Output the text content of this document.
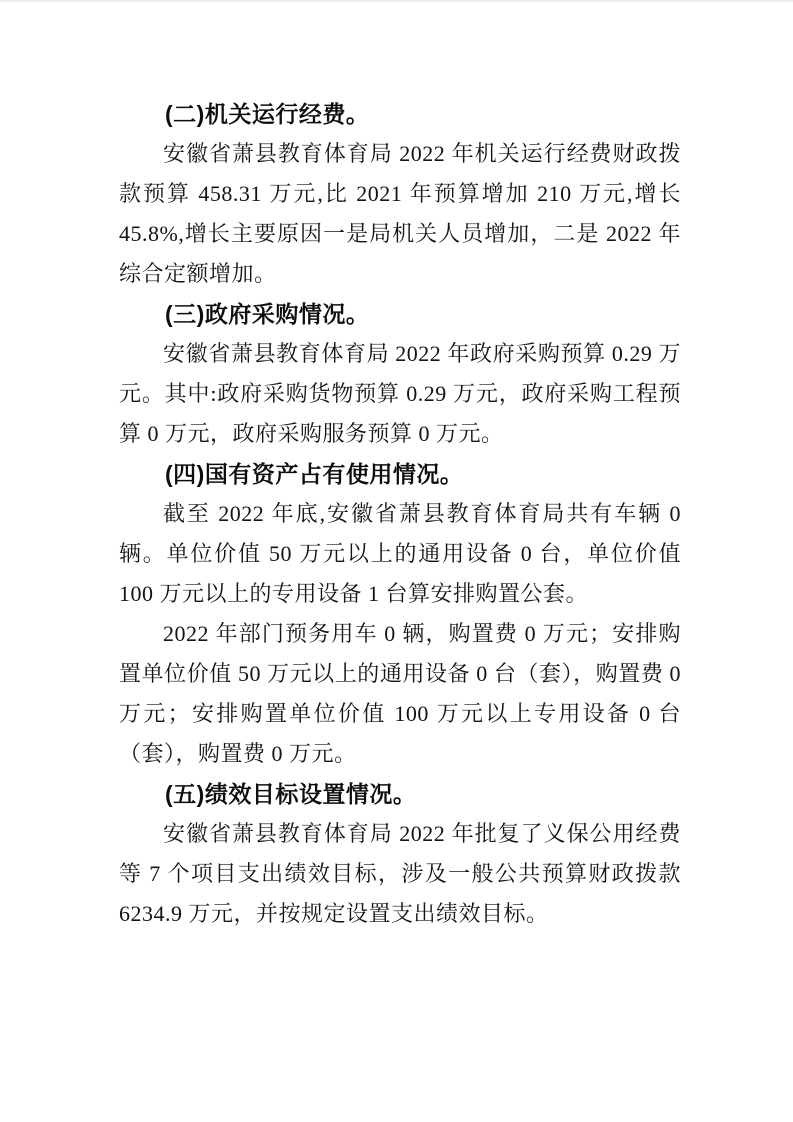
(二)机关运行经费。

安徽省萧县教育体育局 2022 年机关运行经费财政拨款预算 458.31 万元,比 2021 年预算增加 210 万元,增长 45.8%,增长主要原因一是局机关人员增加，二是 2022 年综合定额增加。

(三)政府采购情况。

安徽省萧县教育体育局 2022 年政府采购预算 0.29 万元。其中:政府采购货物预算 0.29 万元，政府采购工程预算 0 万元，政府采购服务预算 0 万元。

(四)国有资产占有使用情况。

截至 2022 年底,安徽省萧县教育体育局共有车辆 0 辆。单位价值 50 万元以上的通用设备 0 台，单位价值 100 万元以上的专用设备 1 台算安排购置公套。

2022 年部门预务用车 0 辆，购置费 0 万元；安排购置单位价值 50 万元以上的通用设备 0 台（套），购置费 0 万元；安排购置单位价值 100 万元以上专用设备 0 台（套），购置费 0 万元。

(五)绩效目标设置情况。

安徽省萧县教育体育局 2022 年批复了义保公用经费等 7 个项目支出绩效目标，涉及一般公共预算财政拨款 6234.9 万元，并按规定设置支出绩效目标。
